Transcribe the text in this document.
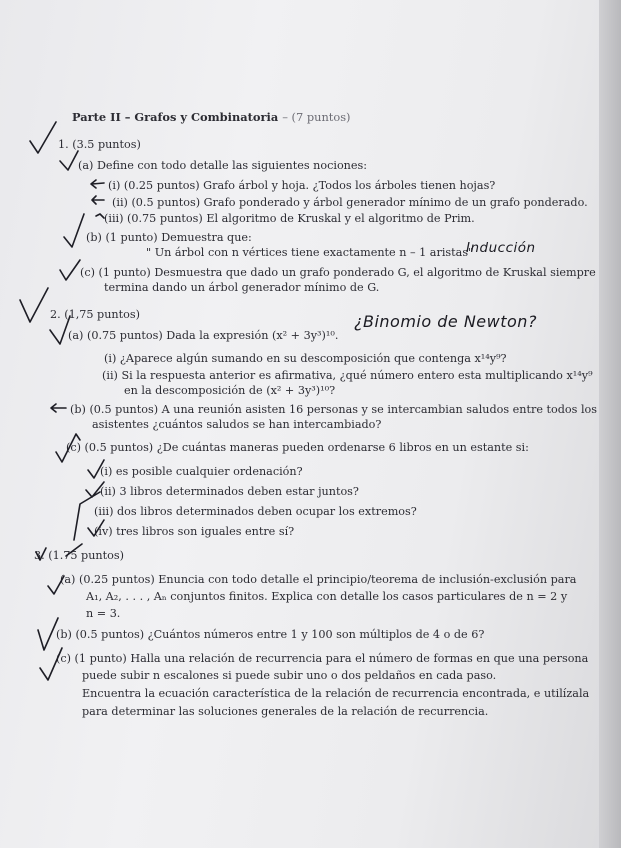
Parte II – Grafos y Combinatoria – (7 puntos)
1. (3.5 puntos)
(a) Define con todo detalle las siguientes nociones:
(i) (0.25 puntos) Grafo árbol y hoja. ¿Todos los árboles tienen hojas?
(ii) (0.5 puntos) Grafo ponderado y árbol generador mínimo de un grafo ponderado.
(iii) (0.75 puntos) El algoritmo de Kruskal y el algoritmo de Prim.
(b) (1 punto) Demuestra que:
" Un árbol con n vértices tiene exactamente n – 1 aristas"
Inducción
(c) (1 punto) Desmuestra que dado un grafo ponderado G, el algoritmo de Kruskal siempre
termina dando un árbol generador mínimo de G.
2. (1,75 puntos)
(a) (0.75 puntos) Dada la expresión (x² + 3y³)¹⁰.
¿Binomio de Newton?
(i) ¿Aparece algún sumando en su descomposición que contenga x¹⁴y⁹?
(ii) Si la respuesta anterior es afirmativa, ¿qué número entero esta multiplicando x¹⁴y⁹
en la descomposición de (x² + 3y³)¹⁰?
(b) (0.5 puntos) A una reunión asisten 16 personas y se intercambian saludos entre todos los
asistentes ¿cuántos saludos se han intercambiado?
(c) (0.5 puntos) ¿De cuántas maneras pueden ordenarse 6 libros en un estante si:
(i) es posible cualquier ordenación?
(ii) 3 libros determinados deben estar juntos?
(iii) dos libros determinados deben ocupar los extremos?
(iv) tres libros son iguales entre sí?
3. (1.75 puntos)
(a) (0.25 puntos) Enuncia con todo detalle el principio/teorema de inclusión-exclusión para
A₁, A₂, . . . , Aₙ conjuntos finitos. Explica con detalle los casos particulares de n = 2 y
n = 3.
(b) (0.5 puntos) ¿Cuántos números entre 1 y 100 son múltiplos de 4 o de 6?
(c) (1 punto) Halla una relación de recurrencia para el número de formas en que una persona
puede subir n escalones si puede subir uno o dos peldaños en cada paso.
Encuentra la ecuación característica de la relación de recurrencia encontrada, e utilízala
para determinar las soluciones generales de la relación de recurrencia.
